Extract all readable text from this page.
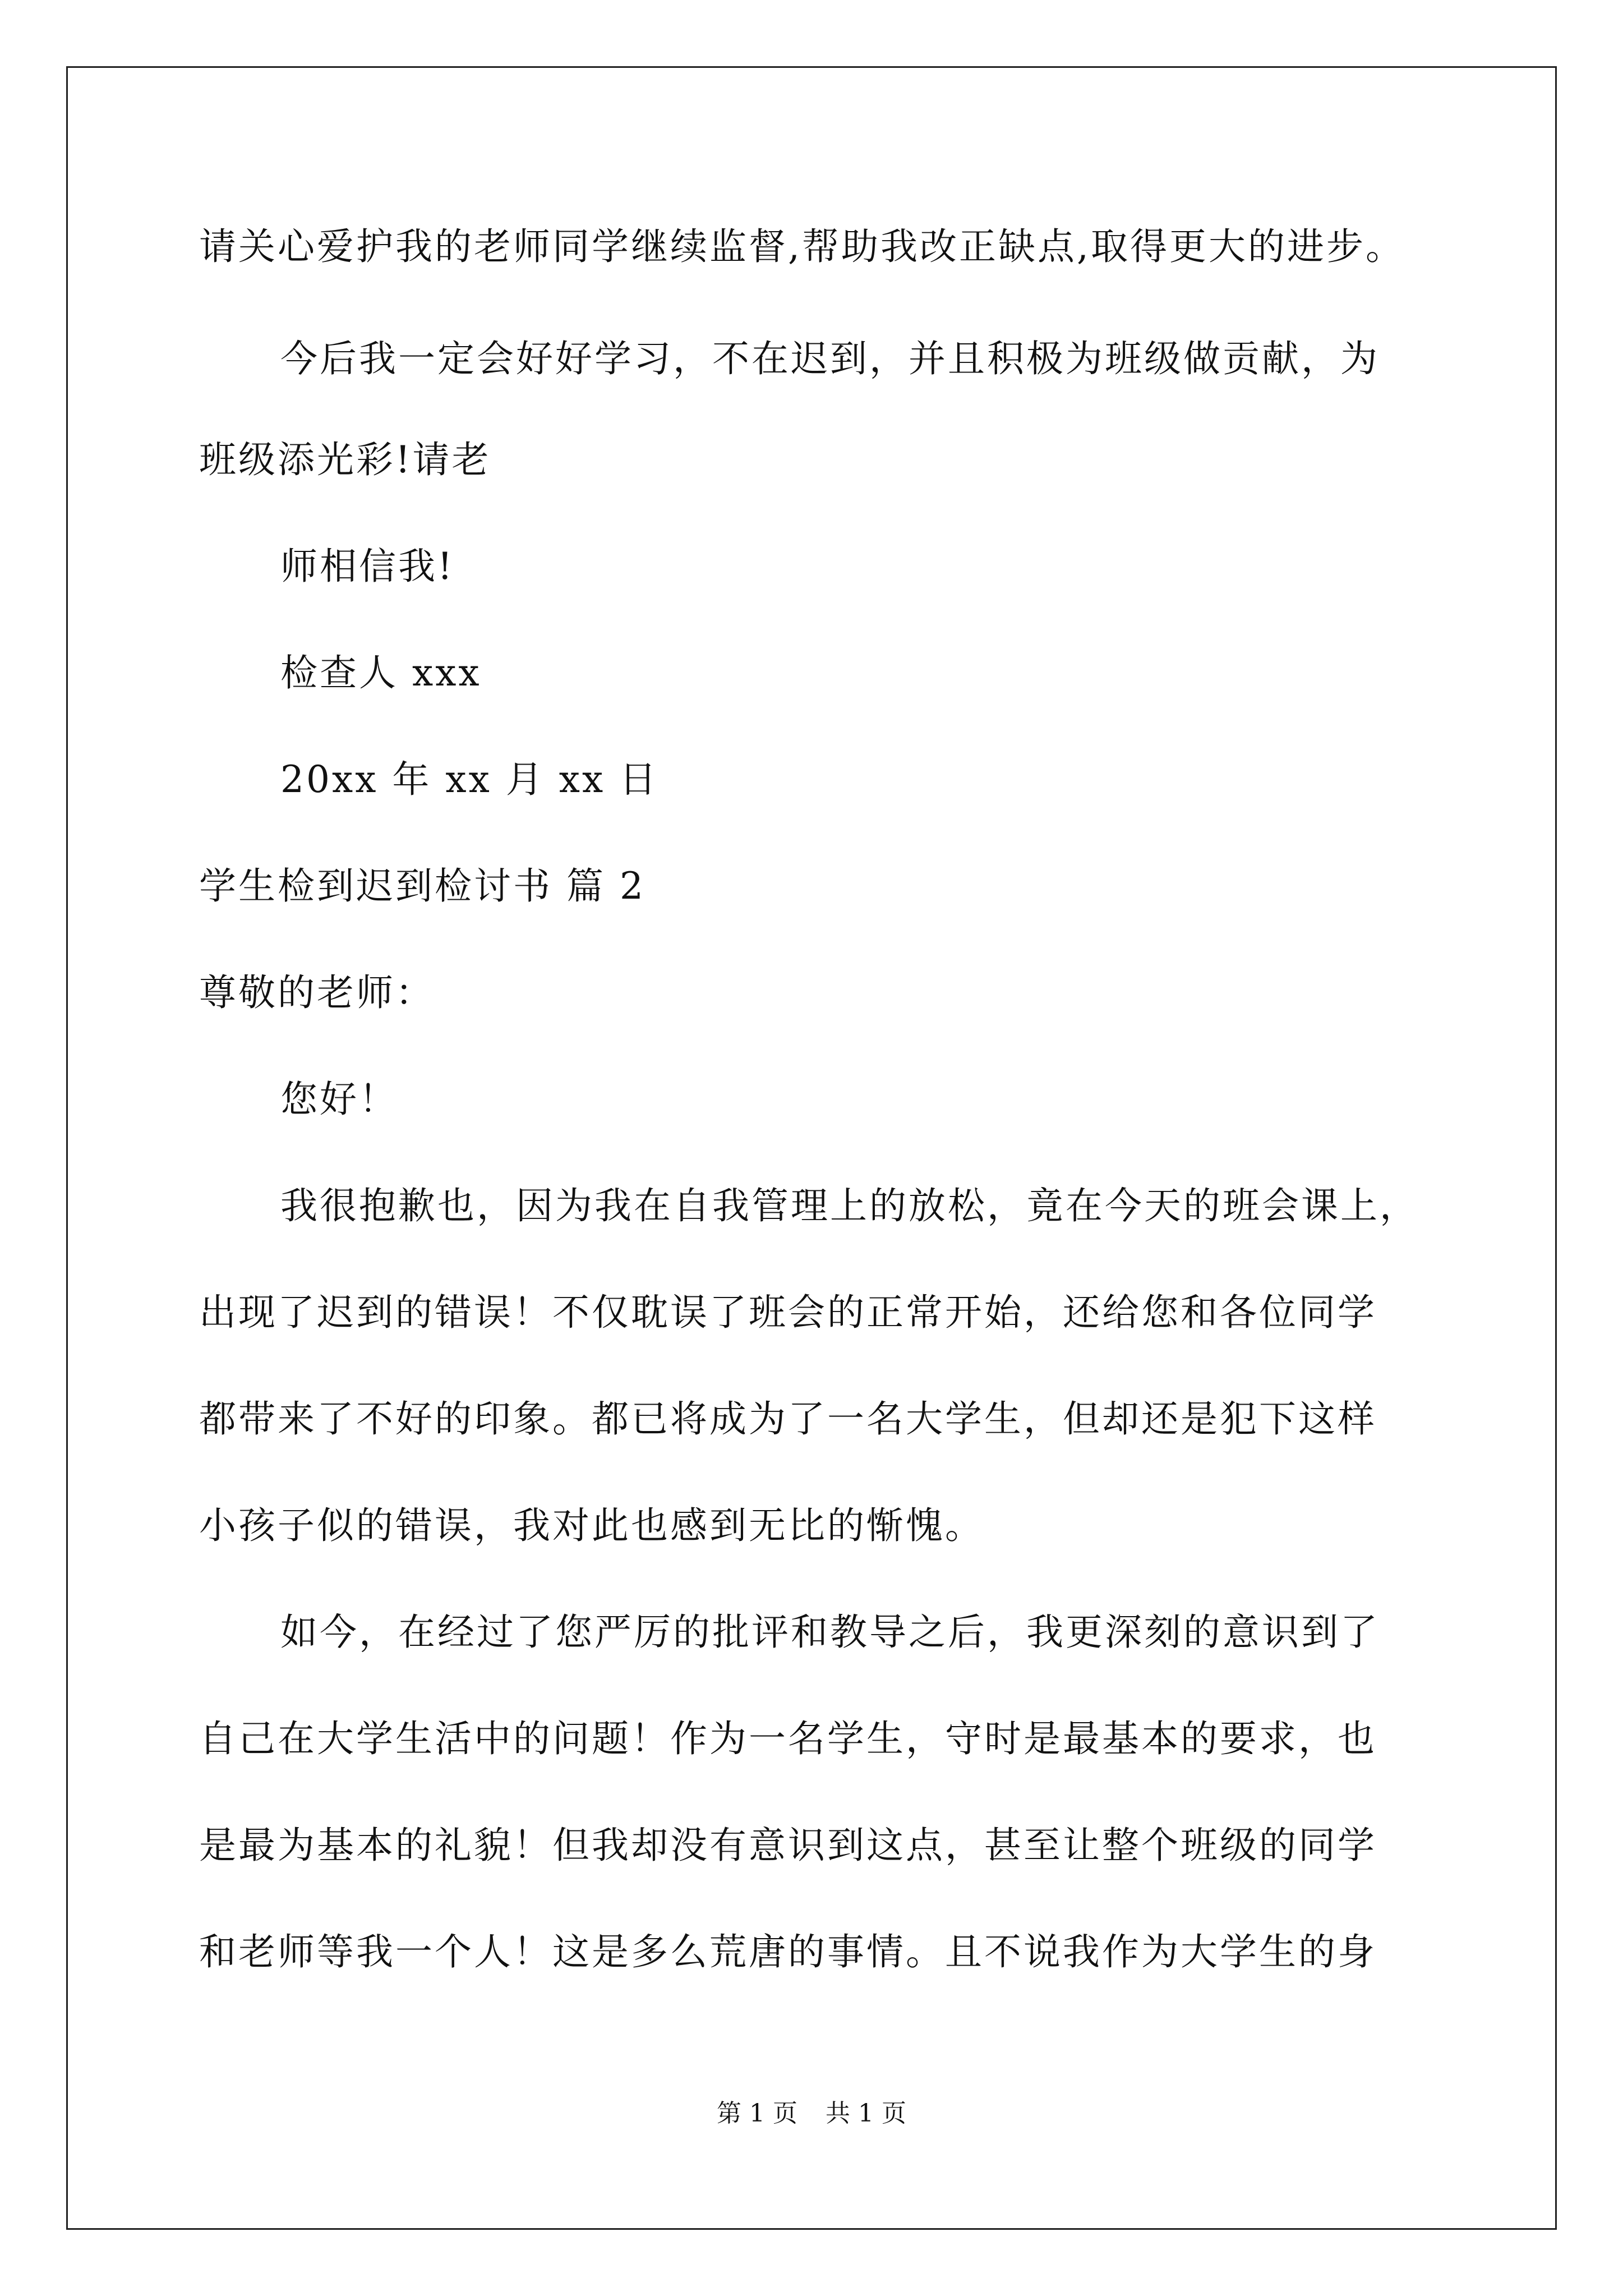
请关心爱护我的老师同学继续监督,帮助我改正缺点,取得更大的进步。
今后我一定会好好学习，不在迟到，并且积极为班级做贡献，为
班级添光彩!请老
师相信我!
检查人 xxx
20xx 年 xx 月 xx 日
学生检到迟到检讨书 篇 2
尊敬的老师：
您好！
我很抱歉也，因为我在自我管理上的放松，竟在今天的班会课上，
出现了迟到的错误！不仅耽误了班会的正常开始，还给您和各位同学
都带来了不好的印象。都已将成为了一名大学生，但却还是犯下这样
小孩子似的错误，我对此也感到无比的惭愧。
如今，在经过了您严厉的批评和教导之后，我更深刻的意识到了
自己在大学生活中的问题！作为一名学生，守时是最基本的要求，也
是最为基本的礼貌！但我却没有意识到这点，甚至让整个班级的同学
和老师等我一个人！这是多么荒唐的事情。且不说我作为大学生的身
第 1 页 共 1 页
